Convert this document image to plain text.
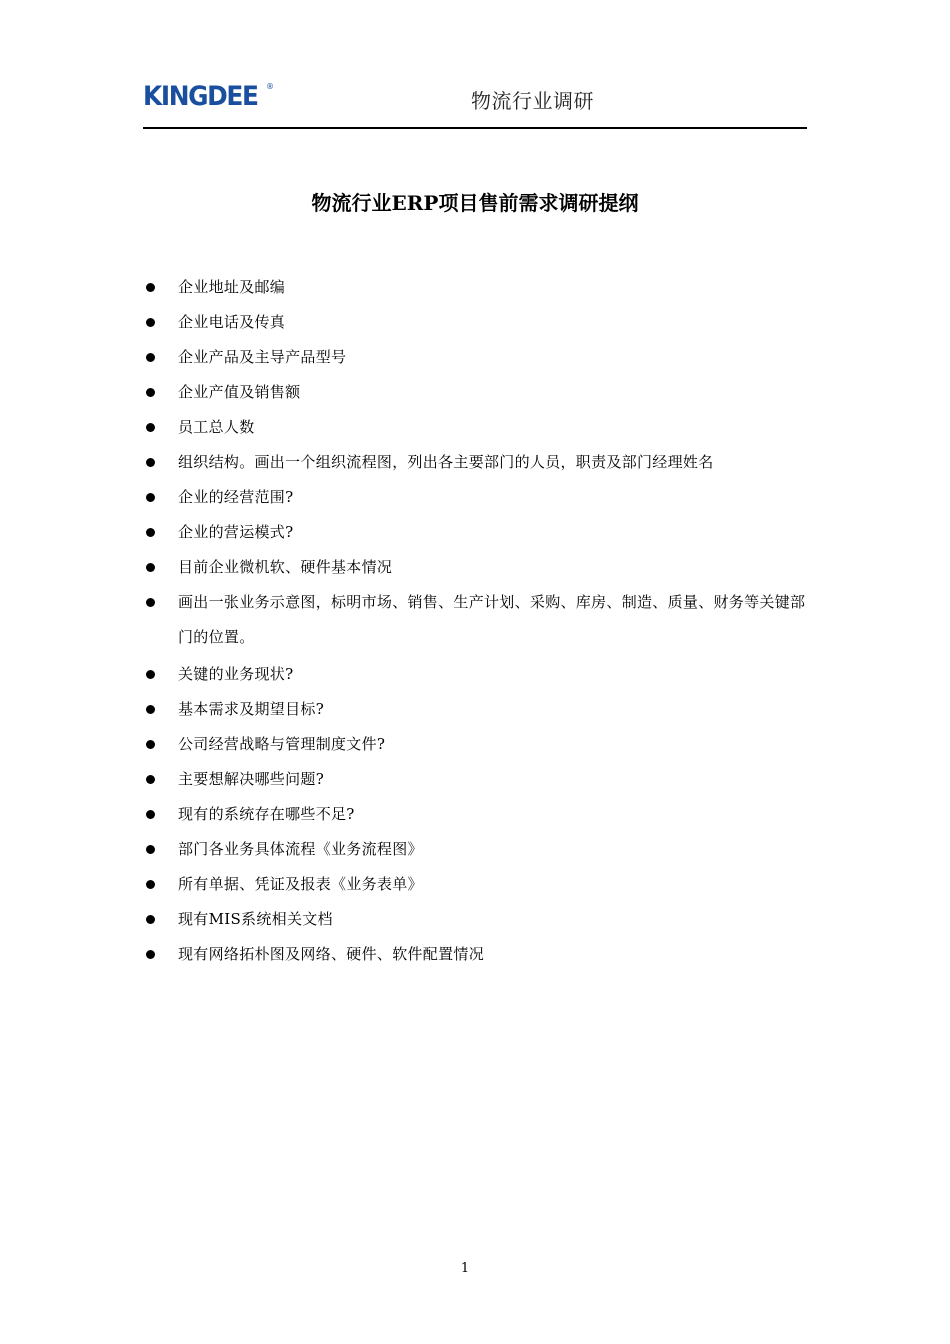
KINGDEE ®
物流行业调研
物流行业ERP项目售前需求调研提纲
企业地址及邮编
企业电话及传真
企业产品及主导产品型号
企业产值及销售额
员工总人数
组织结构。画出一个组织流程图，列出各主要部门的人员，职责及部门经理姓名
企业的经营范围?
企业的营运模式?
目前企业微机软、硬件基本情况
画出一张业务示意图，标明市场、销售、生产计划、采购、库房、制造、质量、财务等关键部门的位置。
关键的业务现状?
基本需求及期望目标?
公司经营战略与管理制度文件?
主要想解决哪些问题?
现有的系统存在哪些不足?
部门各业务具体流程《业务流程图》
所有单据、凭证及报表《业务表单》
现有MIS系统相关文档
现有网络拓朴图及网络、硬件、软件配置情况
1
